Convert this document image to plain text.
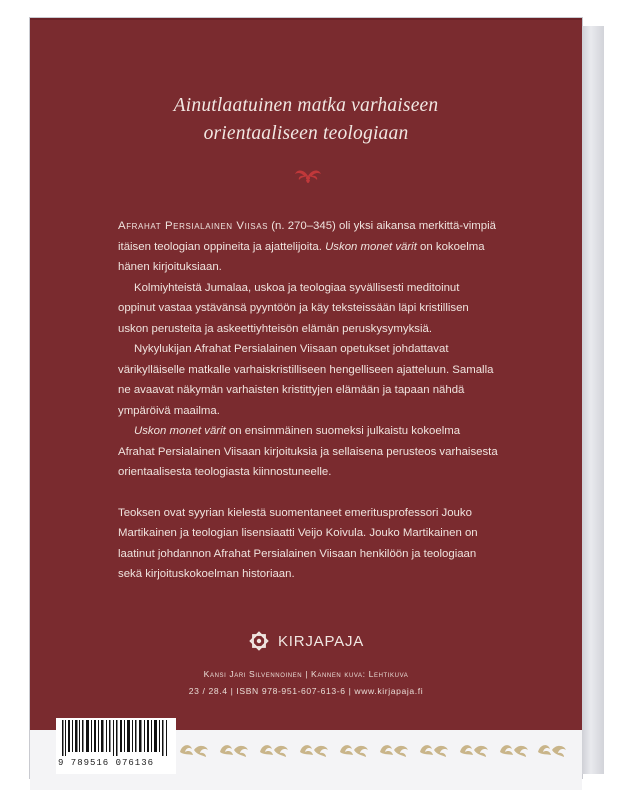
Ainutlaatuinen matka varhaiseen
orientaaliseen teologiaan

Afrahat Persialainen Viisas (n. 270–345) oli yksi aikansa merkittä-vimpiä itäisen teologian oppineita ja ajattelijoita. Uskon monet värit on kokoelma hänen kirjoituksiaan.

Kolmiyhteistä Jumalaa, uskoa ja teologiaa syvällisesti meditoinut oppinut vastaa ystävänsä pyyntöön ja käy teksteissään läpi kristillisen uskon perusteita ja askeettiyhteisön elämän peruskysymyksiä.

Nykylukijan Afrahat Persialainen Viisaan opetukset johdattavat värikylläiselle matkalle varhaiskristilliseen hengelliseen ajatteluun. Samalla ne avaavat näkymän varhaisten kristittyjen elämään ja tapaan nähdä ympäröivä maailma.

Uskon monet värit on ensimmäinen suomeksi julkaistu kokoelma Afrahat Persialainen Viisaan kirjoituksia ja sellaisena perusteos varhaisesta orientaalisesta teologiasta kiinnostuneelle.

Teoksen ovat syyrian kielestä suomentaneet emeritusprofessori Jouko Martikainen ja teologian lisensiaatti Veijo Koivula. Jouko Martikainen on laatinut johdannon Afrahat Persialainen Viisaan henkilöön ja teologiaan sekä kirjoituskokoelman historiaan.

KIRJAPAJA
Kansi Jari Silvennoinen | Kannen kuva: Lehtikuva
23 / 28.4 | ISBN 978-951-607-613-6 | www.kirjapaja.fi
9 789516 076136
